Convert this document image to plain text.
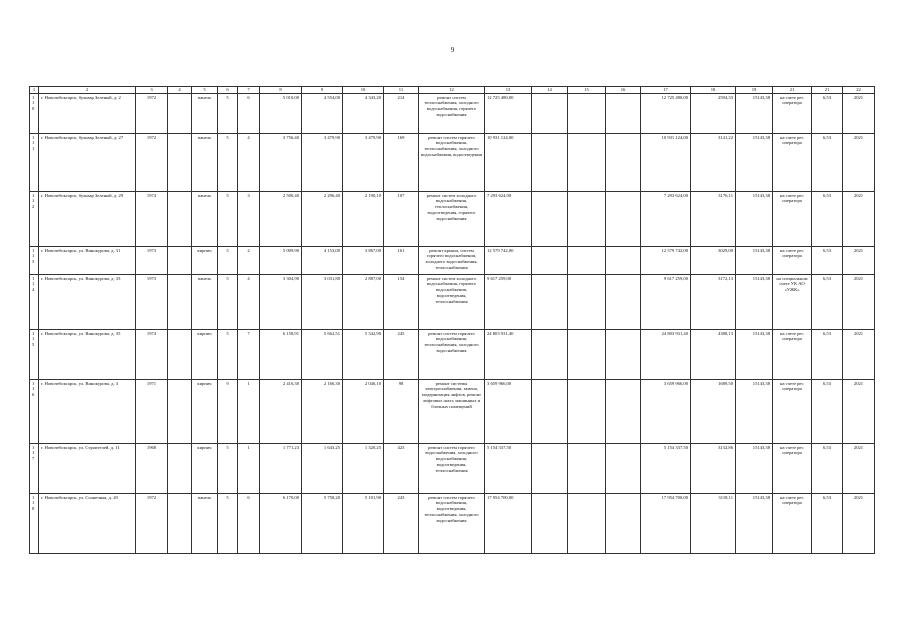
9
1	2	3	4	5	6	7	8	9	10	11	12	13	14	15	16	17	18	19	21	21	22
110	г. Новочебоксарск, бульвар Зеленый, д. 2	1972		панель	5	6	5 010,00	4 554,00	4 343,20	214	ремонт систем теплоснабжения, холодного водоснабжения, горячего водоснабжения	12 725 480,00				12 725 480,00	2594,33	15143,38	на счете рег. оператора	6,53	2021
111	г. Новочебоксарск, бульвар Зеленый, д. 27	1972		панель	5	4	3 756,40	3 479,90	3 479,90	169	ремонт систем горячего водоснабжения, теплоснабжения, холодного водоснабжения, водоотведения	10 931 124,00				10 931 124,00	3141,22	15143,38	на счете рег. оператора	6,53	2021
112	г. Новочебоксарск, бульвар Зеленый, д. 29	1974		панель	5	3	2 500,40	2 296,40	2 190,10	107	ремонт систем холодного водоснабжения, теплоснабжения, водоотведения, горячего водоснабжения	7 293 624,00				7 293 624,00	3176,11	15143,38	на счете рег. оператора	6,53	2021
113	г. Новочебоксарск, ул. Винокурова, д. 31	1973		кирпич	5	2	5 009,90	4 153,00	3 867,00	161	ремонт крыши, систем горячего водоснабжения, холодного водоснабжения, теплоснабжения	12 579 742,00				12 579 742,00	3029,00	15143,38	на счете рег. оператора	6,53	2021
114	г. Новочебоксарск, ул. Винокурова, д. 33	1973		панель	5	4	3 304,90	3 031,80	2 887,00	154	ремонт систем холодного водоснабжения, горячего водоснабжения, водоотведения, теплоснабжения	9 617 259,00				9 617 259,00	3172,13	15143,38	на специальном счете УК АО «УЖК»	6,53	2021
115	г. Новочебоксарск, ул. Винокурова, д. 35	1974		кирпич	5	7	6 158,91	5 662,51	5 342,90	245	ремонт систем горячего водоснабжения, теплоснабжения, холодного водоснабжения	24 803 931,40				24 803 931,40	4388,13	15143,38	на счете рег. оператора	6,53	2021
116	г. Новочебоксарск, ул. Винокурова, д. 3	1971		кирпич	9	1	2 416,30	2 166,30	2 046,10	98	ремонт системы электроснабжения, замена, модернизация лифтов, ремонт лифтовых шахт, машинных и блочных помещений	3 659 966,00				3 659 966,00	1689,50	15143,38	на счете рег. оператора	6,53	2021
117	г. Новочебоксарск, ул. Строителей, д. 11	1968		кирпич	5	1	1 771,23	1 643,25	1 320,25	423	ремонт систем горячего водоснабжения, холодного водоснабжения, водоотведения, теплоснабжения	5 154 337,50				5 154 337,50	3132,86	15143,38	на счете рег. оператора	6,53	2021
118	г. Новочебоксарск, ул. Солнечная, д. 20	1972		панель	5	6	6 170,00	5 758,20	5 101,90	243	ремонт систем горячего водоснабжения, водоотведения, теплоснабжения, холодного водоснабжения	17 954 700,00				17 954 700,00	3118,11	15143,38	на счете рег. оператора	6,53	2021
